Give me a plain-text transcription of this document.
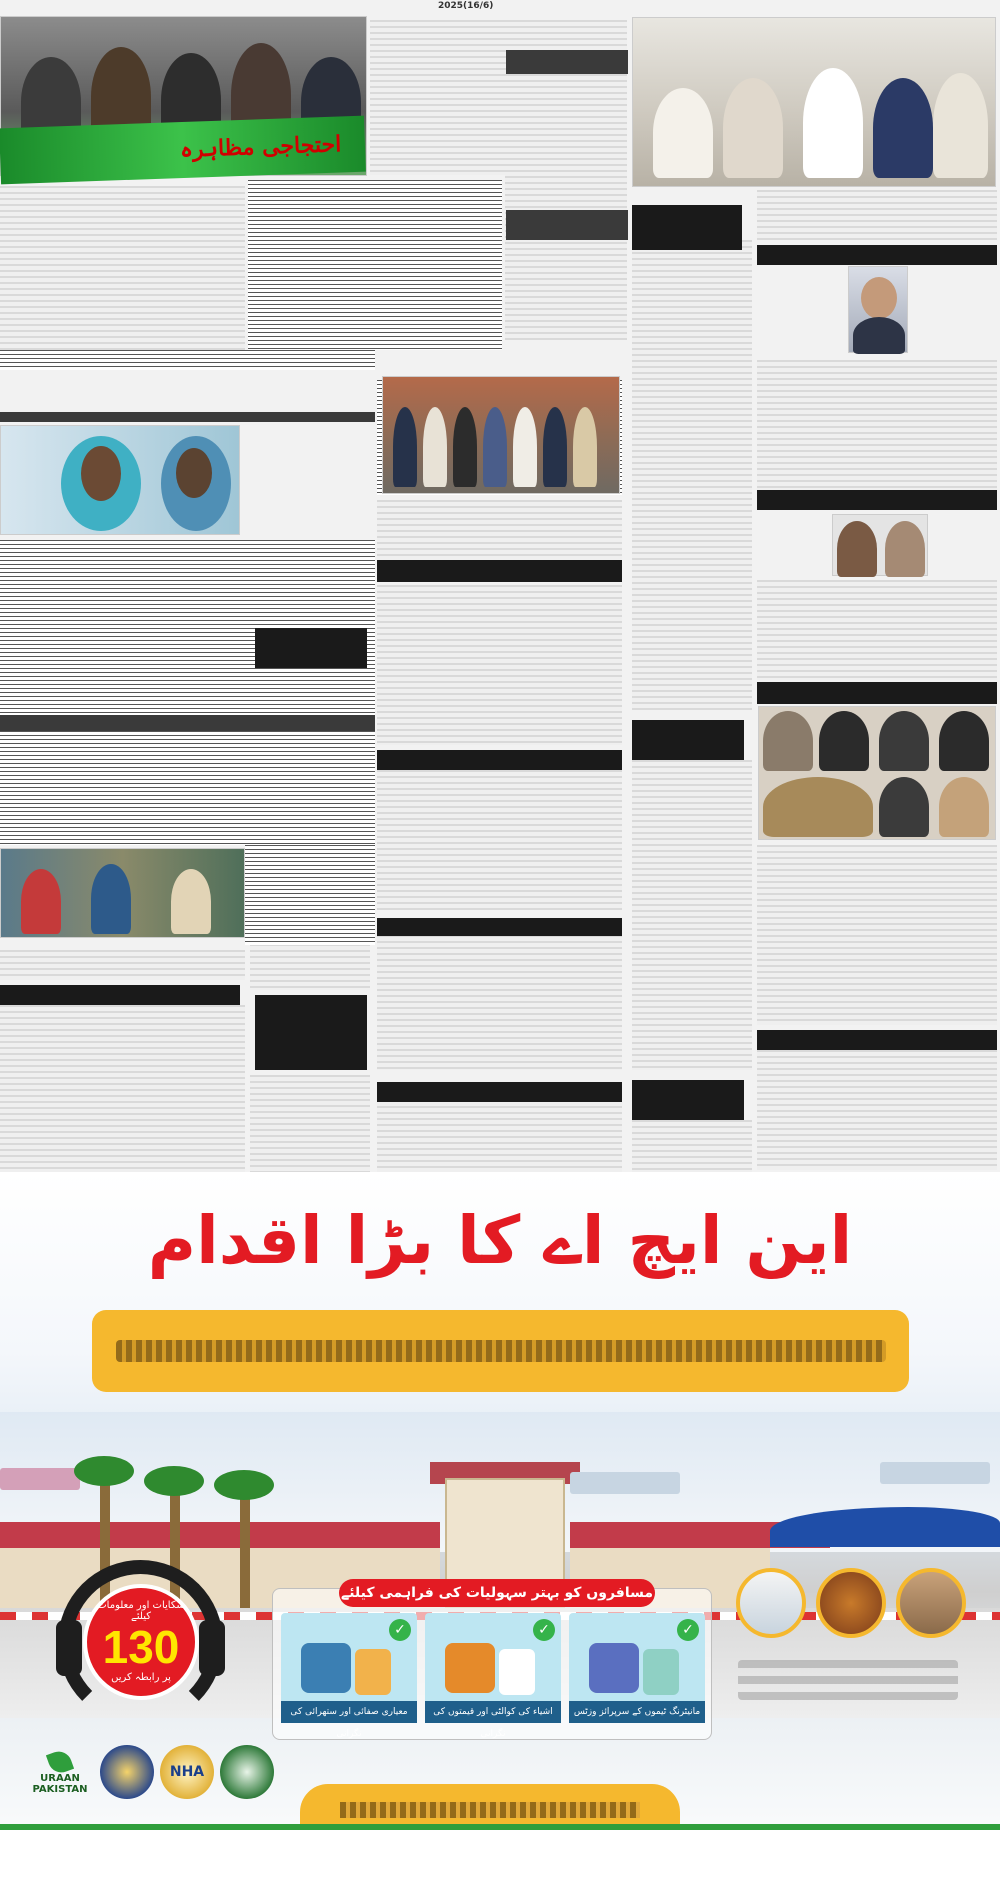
2025(16/6)
احتجاجی مظاہرہ
این ایچ اے کا بڑا اقدام
شکایات اور معلومات کیلئے
130
پر رابطہ کریں
مسافروں کو بہتر سہولیات کی فراہمی کیلئے
✓
معیاری صفائی اور ستھرائی کی نگرانی
✓
اشیاء کی کوالٹی اور قیمتوں کی نگرانی
✓
مانیٹرنگ ٹیموں کے سرپرائز وزٹس
URAAN
PAKISTAN
NHA
